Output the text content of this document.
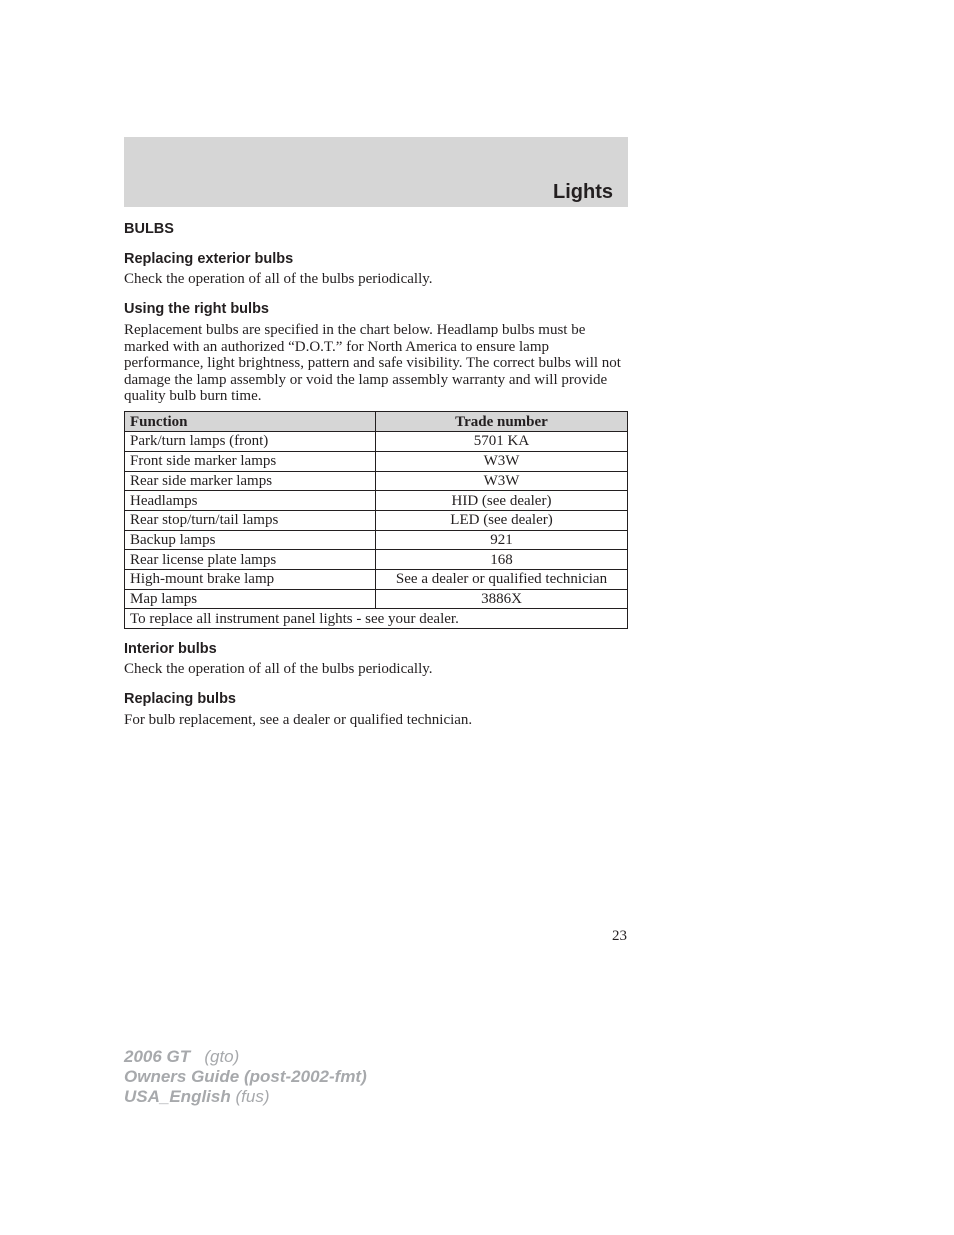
Lights
BULBS
Replacing exterior bulbs

Check the operation of all of the bulbs periodically.

Using the right bulbs

Replacement bulbs are specified in the chart below. Headlamp bulbs must be marked with an authorized “D.O.T.” for North America to ensure lamp performance, light brightness, pattern and safe visibility. The correct bulbs will not damage the lamp assembly or void the lamp assembly warranty and will provide quality bulb burn time.

Function	Trade number
Park/turn lamps (front)	5701 KA
Front side marker lamps	W3W
Rear side marker lamps	W3W
Headlamps	HID (see dealer)
Rear stop/turn/tail lamps	LED (see dealer)
Backup lamps	921
Rear license plate lamps	168
High-mount brake lamp	See a dealer or qualified technician
Map lamps	3886X
To replace all instrument panel lights - see your dealer.	
Interior bulbs

Check the operation of all of the bulbs periodically.

Replacing bulbs

For bulb replacement, see a dealer or qualified technician.

23
2006 GT (gto)
Owners Guide (post-2002-fmt)
USA_English (fus)
